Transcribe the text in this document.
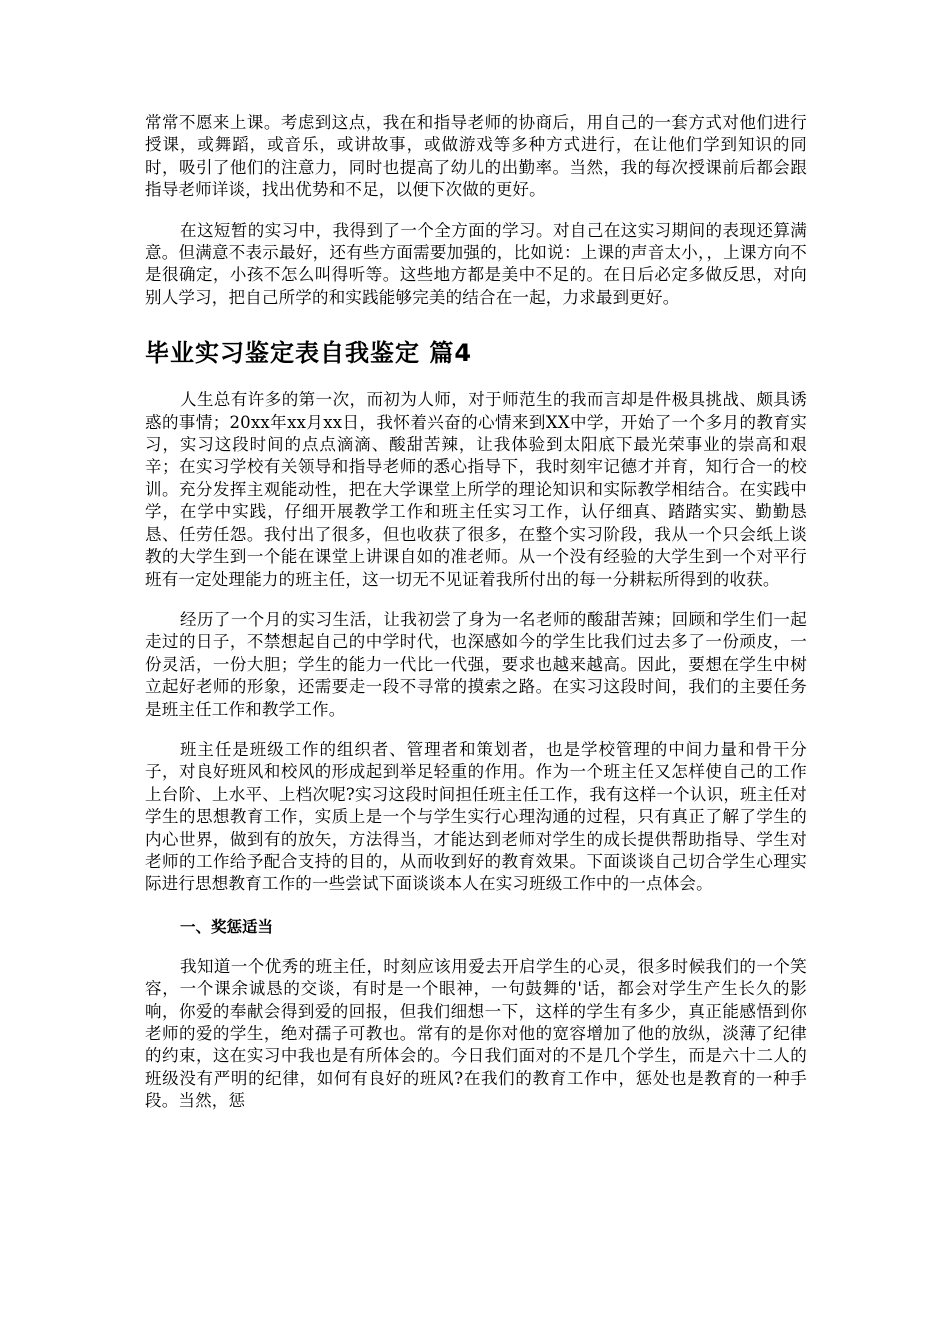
常常不愿来上课。考虑到这点，我在和指导老师的协商后，用自己的一套方式对他们进行授课，或舞蹈，或音乐，或讲故事，或做游戏等多种方式进行，在让他们学到知识的同时，吸引了他们的注意力，同时也提高了幼儿的出勤率。当然，我的每次授课前后都会跟指导老师详谈，找出优势和不足，以便下次做的更好。

在这短暂的实习中，我得到了一个全方面的学习。对自己在这实习期间的表现还算满意。但满意不表示最好，还有些方面需要加强的，比如说：上课的声音太小，，上课方向不是很确定，小孩不怎么叫得听等。这些地方都是美中不足的。在日后必定多做反思，对向别人学习，把自己所学的和实践能够完美的结合在一起，力求最到更好。

毕业实习鉴定表自我鉴定 篇4

人生总有许多的第一次，而初为人师，对于师范生的我而言却是件极具挑战、颇具诱惑的事情；20xx年xx月xx日，我怀着兴奋的心情来到XX中学，开始了一个多月的教育实习，实习这段时间的点点滴滴、酸甜苦辣，让我体验到太阳底下最光荣事业的崇高和艰辛；在实习学校有关领导和指导老师的悉心指导下，我时刻牢记德才并育，知行合一的校训。充分发挥主观能动性，把在大学课堂上所学的理论知识和实际教学相结合。在实践中学，在学中实践，仔细开展教学工作和班主任实习工作，认仔细真、踏踏实实、勤勤恳恳、任劳任怨。我付出了很多，但也收获了很多，在整个实习阶段，我从一个只会纸上谈教的大学生到一个能在课堂上讲课自如的准老师。从一个没有经验的大学生到一个对平行班有一定处理能力的班主任，这一切无不见证着我所付出的每一分耕耘所得到的收获。

经历了一个月的实习生活，让我初尝了身为一名老师的酸甜苦辣；回顾和学生们一起走过的日子，不禁想起自己的中学时代，也深感如今的学生比我们过去多了一份顽皮，一份灵活，一份大胆；学生的能力一代比一代强，要求也越来越高。因此，要想在学生中树立起好老师的形象，还需要走一段不寻常的摸索之路。在实习这段时间，我们的主要任务是班主任工作和教学工作。

班主任是班级工作的组织者、管理者和策划者，也是学校管理的中间力量和骨干分子，对良好班风和校风的形成起到举足轻重的作用。作为一个班主任又怎样使自己的工作上台阶、上水平、上档次呢?实习这段时间担任班主任工作，我有这样一个认识，班主任对学生的思想教育工作，实质上是一个与学生实行心理沟通的过程，只有真正了解了学生的内心世界，做到有的放矢，方法得当，才能达到老师对学生的成长提供帮助指导、学生对老师的工作给予配合支持的目的，从而收到好的教育效果。下面谈谈自己切合学生心理实际进行思想教育工作的一些尝试下面谈谈本人在实习班级工作中的一点体会。

一、奖惩适当

我知道一个优秀的班主任，时刻应该用爱去开启学生的心灵，很多时候我们的一个笑容，一个课余诚恳的交谈，有时是一个眼神，一句鼓舞的'话，都会对学生产生长久的影响，你爱的奉献会得到爱的回报，但我们细想一下，这样的学生有多少，真正能感悟到你老师的爱的学生，绝对孺子可教也。常有的是你对他的宽容增加了他的放纵，淡薄了纪律的约束，这在实习中我也是有所体会的。今日我们面对的不是几个学生，而是六十二人的班级没有严明的纪律，如何有良好的班风?在我们的教育工作中，惩处也是教育的一种手段。当然，惩
